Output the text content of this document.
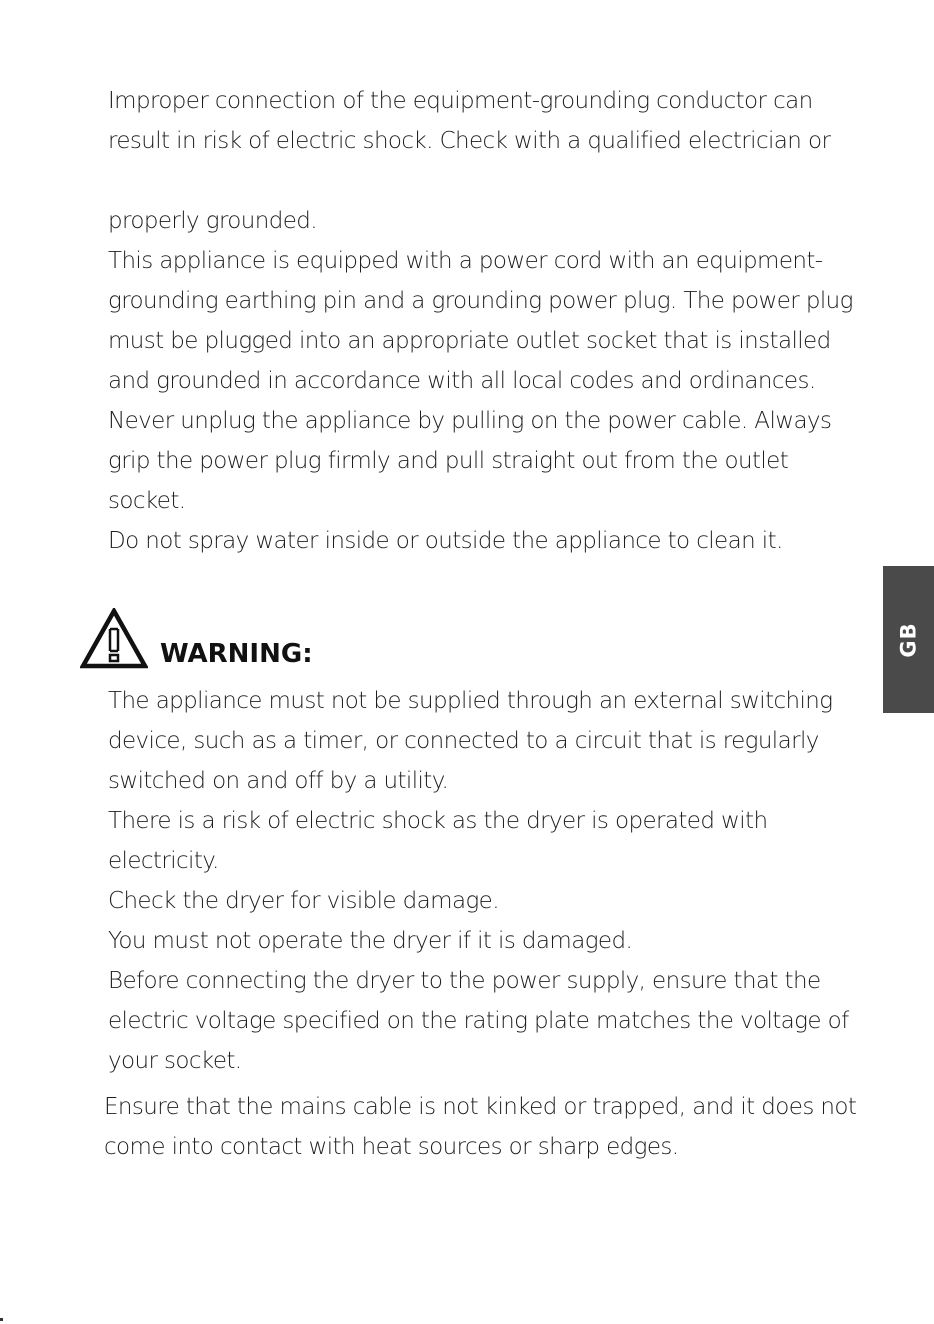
Improper connection of the equipment-grounding conductor can
result in risk of electric shock. Check with a qualified electrician or
properly grounded.
This appliance is equipped with a power cord with an equipment-
grounding earthing pin and a grounding power plug. The power plug
must be plugged into an appropriate outlet socket that is installed
and grounded in accordance with all local codes and ordinances.
Never unplug the appliance by pulling on the power cable. Always
grip the power plug firmly and pull straight out from the outlet
socket.
Do not spray water inside or outside the appliance to clean it.
WARNING:
The appliance must not be supplied through an external switching
device, such as a timer, or connected to a circuit that is regularly
switched on and off by a utility.
There is a risk of electric shock as the dryer is operated with
electricity.
Check the dryer for visible damage.
You must not operate the dryer if it is damaged.
Before connecting the dryer to the power supply, ensure that the
electric voltage specified on the rating plate matches the voltage of
your socket.
Ensure that the mains cable is not kinked or trapped, and it does not
come into contact with heat sources or sharp edges.
GB
